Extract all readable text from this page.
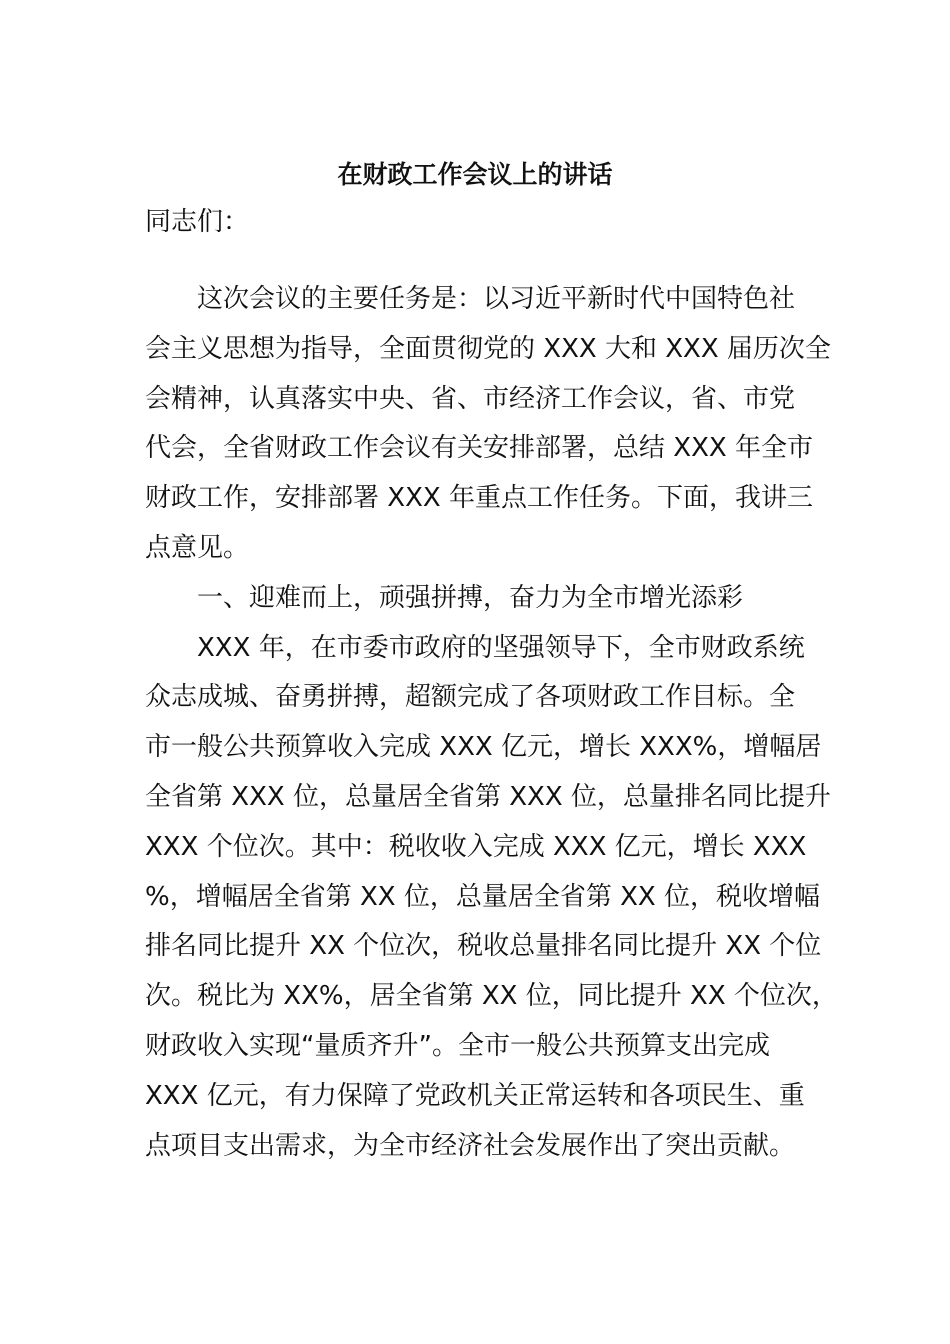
在财政工作会议上的讲话
同志们：
这次会议的主要任务是：以习近平新时代中国特色社
会主义思想为指导，全面贯彻党的 XXX 大和 XXX 届历次全
会精神，认真落实中央、省、市经济工作会议，省、市党
代会，全省财政工作会议有关安排部署，总结 XXX 年全市
财政工作，安排部署 XXX 年重点工作任务。下面，我讲三
点意见。
一、迎难而上，顽强拼搏，奋力为全市增光添彩
XXX 年，在市委市政府的坚强领导下，全市财政系统
众志成城、奋勇拼搏，超额完成了各项财政工作目标。全
市一般公共预算收入完成 XXX 亿元，增长 XXX%，增幅居
全省第 XXX 位，总量居全省第 XXX 位，总量排名同比提升
XXX 个位次。其中：税收收入完成 XXX 亿元，增长 XXX
%，增幅居全省第 XX 位，总量居全省第 XX 位，税收增幅
排名同比提升 XX 个位次，税收总量排名同比提升 XX 个位
次。税比为 XX%，居全省第 XX 位，同比提升 XX 个位次，
财政收入实现“量质齐升”。全市一般公共预算支出完成
XXX 亿元，有力保障了党政机关正常运转和各项民生、重
点项目支出需求，为全市经济社会发展作出了突出贡献。
